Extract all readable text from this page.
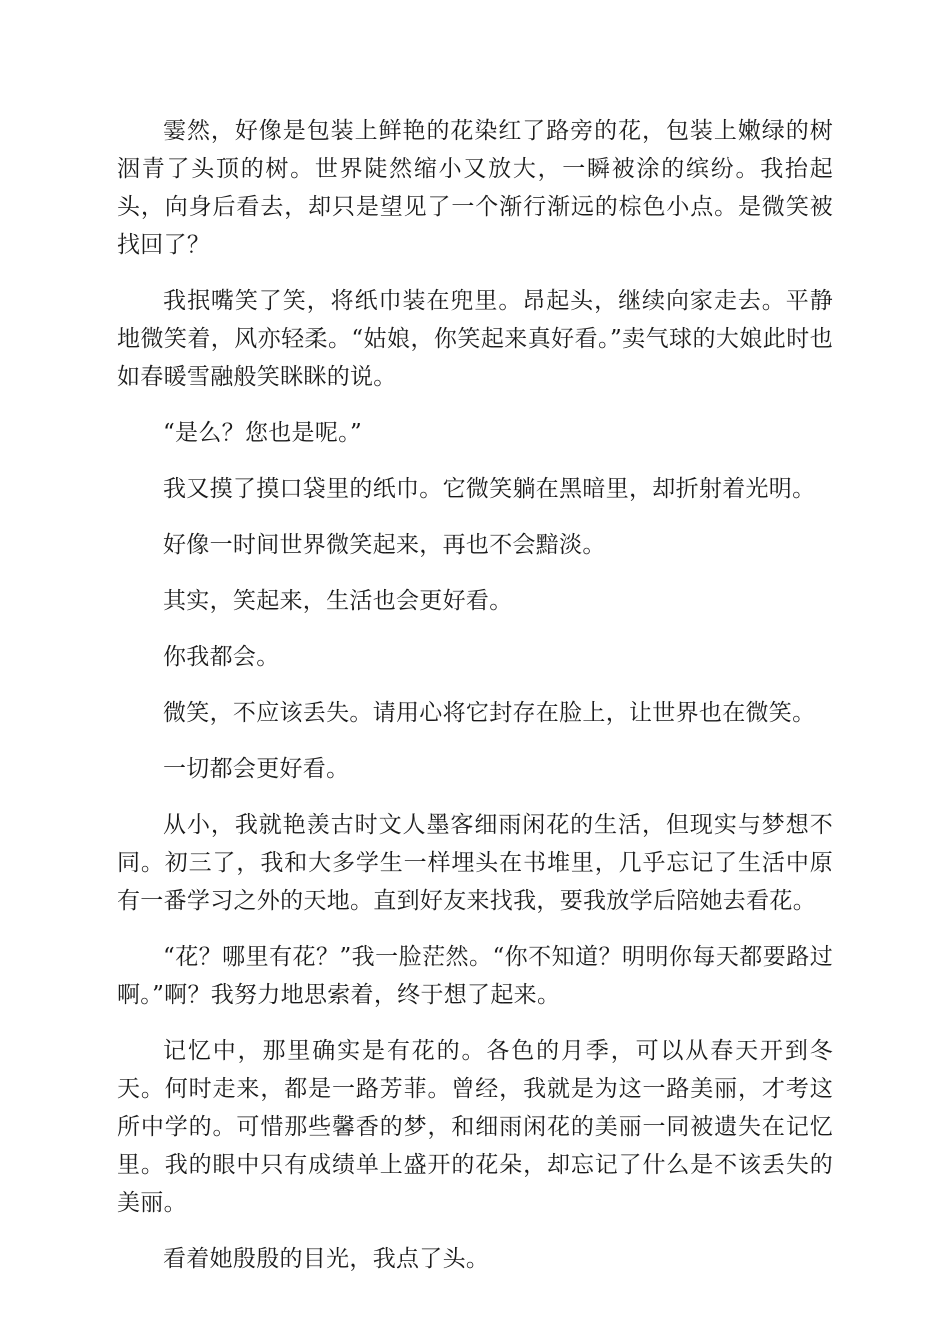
霎然，好像是包装上鲜艳的花染红了路旁的花，包装上嫩绿的树洇青了头顶的树。世界陡然缩小又放大，一瞬被涂的缤纷。我抬起头，向身后看去，却只是望见了一个渐行渐远的棕色小点。是微笑被找回了？

我抿嘴笑了笑，将纸巾装在兜里。昂起头，继续向家走去。平静地微笑着，风亦轻柔。“姑娘，你笑起来真好看。”卖气球的大娘此时也如春暖雪融般笑眯眯的说。

“是么？您也是呢。”

我又摸了摸口袋里的纸巾。它微笑躺在黑暗里，却折射着光明。

好像一时间世界微笑起来，再也不会黯淡。

其实，笑起来，生活也会更好看。

你我都会。

微笑，不应该丢失。请用心将它封存在脸上，让世界也在微笑。

一切都会更好看。

从小，我就艳羡古时文人墨客细雨闲花的生活，但现实与梦想不同。初三了，我和大多学生一样埋头在书堆里，几乎忘记了生活中原有一番学习之外的天地。直到好友来找我，要我放学后陪她去看花。

“花？哪里有花？”我一脸茫然。“你不知道？明明你每天都要路过啊。”啊？我努力地思索着，终于想了起来。

记忆中，那里确实是有花的。各色的月季，可以从春天开到冬天。何时走来，都是一路芳菲。曾经，我就是为这一路美丽，才考这所中学的。可惜那些馨香的梦，和细雨闲花的美丽一同被遗失在记忆里。我的眼中只有成绩单上盛开的花朵，却忘记了什么是不该丢失的美丽。

看着她殷殷的目光，我点了头。
